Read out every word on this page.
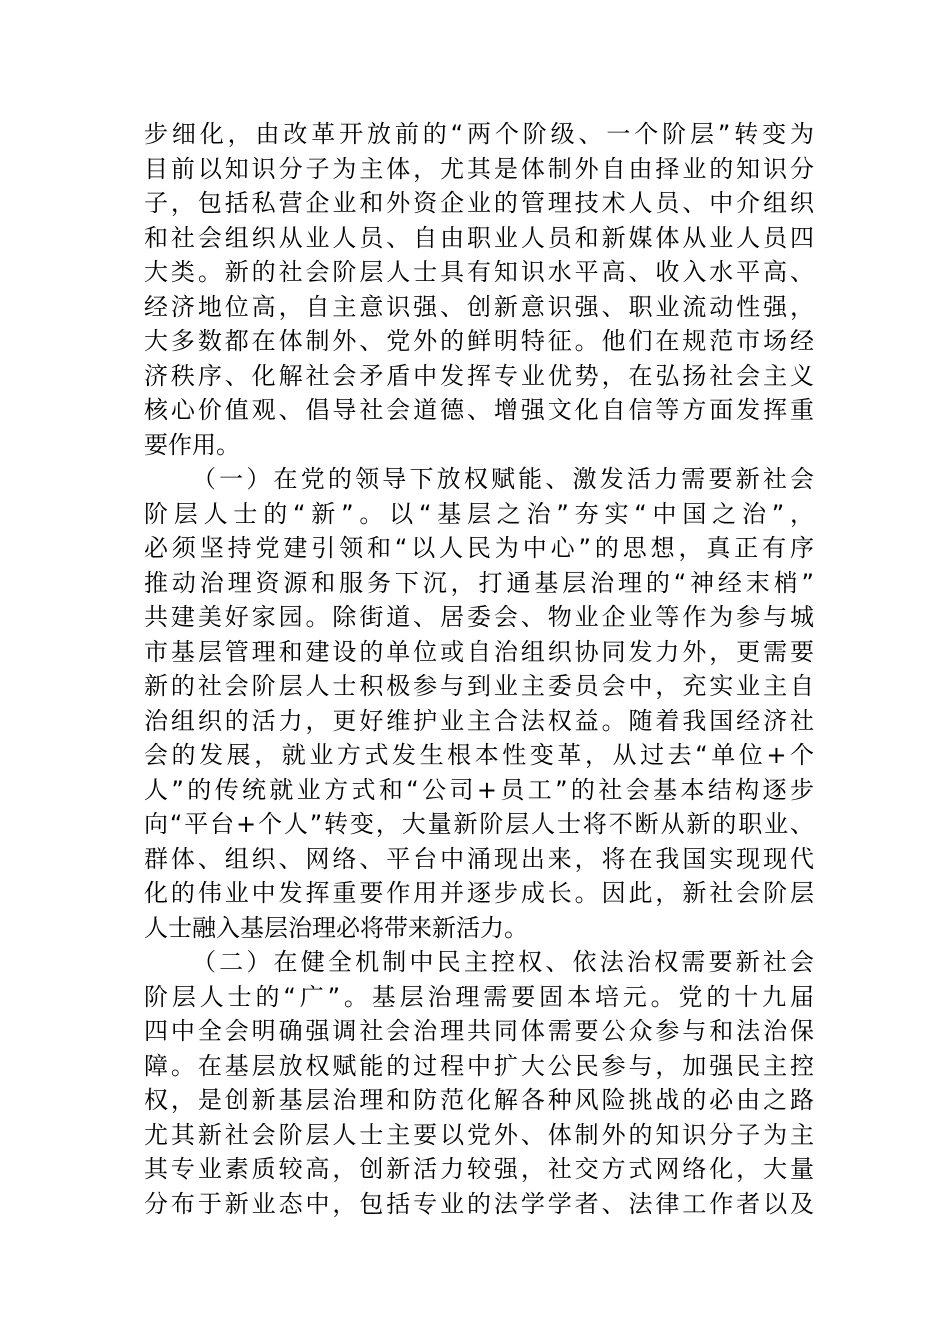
步细化，由改革开放前的“两个阶级、一个阶层”转变为
目前以知识分子为主体，尤其是体制外自由择业的知识分
子，包括私营企业和外资企业的管理技术人员、中介组织
和社会组织从业人员、自由职业人员和新媒体从业人员四
大类。新的社会阶层人士具有知识水平高、收入水平高、
经济地位高，自主意识强、创新意识强、职业流动性强，
大多数都在体制外、党外的鲜明特征。他们在规范市场经
济秩序、化解社会矛盾中发挥专业优势，在弘扬社会主义
核心价值观、倡导社会道德、增强文化自信等方面发挥重
要作用。
（一）在党的领导下放权赋能、激发活力需要新社会
阶层人士的“新”。以“基层之治”夯实“中国之治”，
必须坚持党建引领和“以人民为中心”的思想，真正有序
推动治理资源和服务下沉，打通基层治理的“神经末梢”
共建美好家园。除街道、居委会、物业企业等作为参与城
市基层管理和建设的单位或自治组织协同发力外，更需要
新的社会阶层人士积极参与到业主委员会中，充实业主自
治组织的活力，更好维护业主合法权益。随着我国经济社
会的发展，就业方式发生根本性变革，从过去“单位+个
人”的传统就业方式和“公司+员工”的社会基本结构逐步
向“平台+个人”转变，大量新阶层人士将不断从新的职业、
群体、组织、网络、平台中涌现出来，将在我国实现现代
化的伟业中发挥重要作用并逐步成长。因此，新社会阶层
人士融入基层治理必将带来新活力。
（二）在健全机制中民主控权、依法治权需要新社会
阶层人士的“广”。基层治理需要固本培元。党的十九届
四中全会明确强调社会治理共同体需要公众参与和法治保
障。在基层放权赋能的过程中扩大公民参与，加强民主控
权，是创新基层治理和防范化解各种风险挑战的必由之路
尤其新社会阶层人士主要以党外、体制外的知识分子为主
其专业素质较高，创新活力较强，社交方式网络化，大量
分布于新业态中，包括专业的法学学者、法律工作者以及
